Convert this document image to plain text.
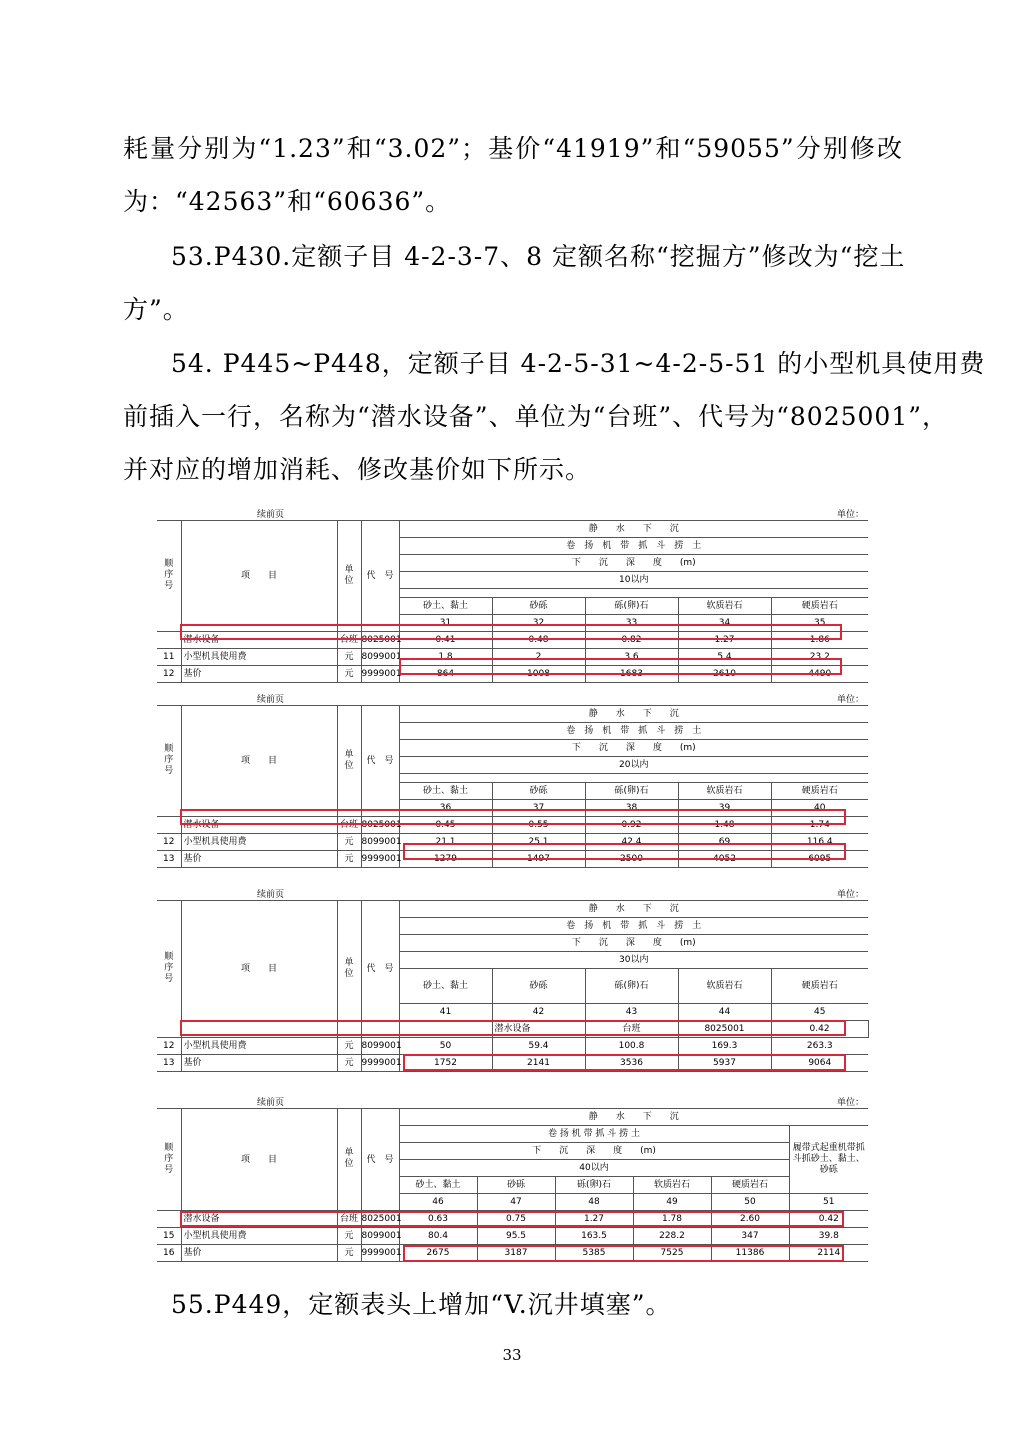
耗量分别为“1.23”和“3.02”；基价“41919”和“59055”分别修改
为：“42563”和“60636”。
53.P430.定额子目 4-2-3-7、8 定额名称“挖掘方”修改为“挖土
方”。
54. P445~P448，定额子目 4-2-5-31~4-2-5-51 的小型机具使用费
前插入一行，名称为“潜水设备”、单位为“台班”、代号为“8025001”，
并对应的增加消耗、修改基价如下所示。
续前页	单位：
顺序号	项　　目	单位	代　号	静　　水　　下　　沉				
				卷　扬　机　带　抓　斗　捞　土				
				下　　沉　　深　　度　　(m)				
				10以内				

				砂土、黏土	砂砾	砾(卵)石	软质岩石	硬质岩石
				31	32	33	34	35
	潜水设备	台班	8025001	0.41	0.48	0.82	1.27	1.86
11	小型机具使用费	元	8099001	1.8	2	3.6	5.4	23.2
12	基价	元	9999001	864	1008	1683	2610	4490
续前页	单位：
顺序号	项　　目	单位	代　号	静　　水　　下　　沉				
				卷　扬　机　带　抓　斗　捞　土				
				下　　沉　　深　　度　　(m)				
				20以内				

				砂土、黏土	砂砾	砾(卵)石	软质岩石	硬质岩石
				36	37	38	39	40
	潜水设备	台班	8025001	0.45	0.55	0.92	1.48	1.74
12	小型机具使用费	元	8099001	21.1	25.1	42.4	69	116.4
13	基价	元	9999001	1279	1497	2500	4052	6095
续前页	单位：
顺序号	项　　目	单位	代　号	静　　水　　下　　沉					
				卷　扬　机　带　抓　斗　捞　土					
				下　　沉　　深　　度　　(m)					
				30以内					
				砂土、黏土	砂砾	砾(卵)石	软质岩石	硬质岩石	
				41	42	43	44	45	
					潜水设备	台班	8025001	0.42				
12	小型机具使用费	元	8099001	50	59.4	100.8	169.3	263.3	
13	基价	元	9999001	1752	2141	3536	5937	9064	
续前页	单位：
顺序号	项　　目	单位	代　号	静　　水　　下　　沉					
				卷 扬 机 带 抓 斗 捞 土					履带式起重机带抓斗抓砂土、黏土、砂砾
				下　　沉　　深　　度　　(m)					
				40以内					
				砂土、黏土	砂砾	砾(卵)石	软质岩石	硬质岩石	
				46	47	48	49	50	51
	潜水设备	台班	8025001	0.63	0.75	1.27	1.78	2.60	0.42
15	小型机具使用费	元	8099001	80.4	95.5	163.5	228.2	347	39.8
16	基价	元	9999001	2675	3187	5385	7525	11386	2114
55.P449，定额表头上增加“V.沉井填塞”。
33
